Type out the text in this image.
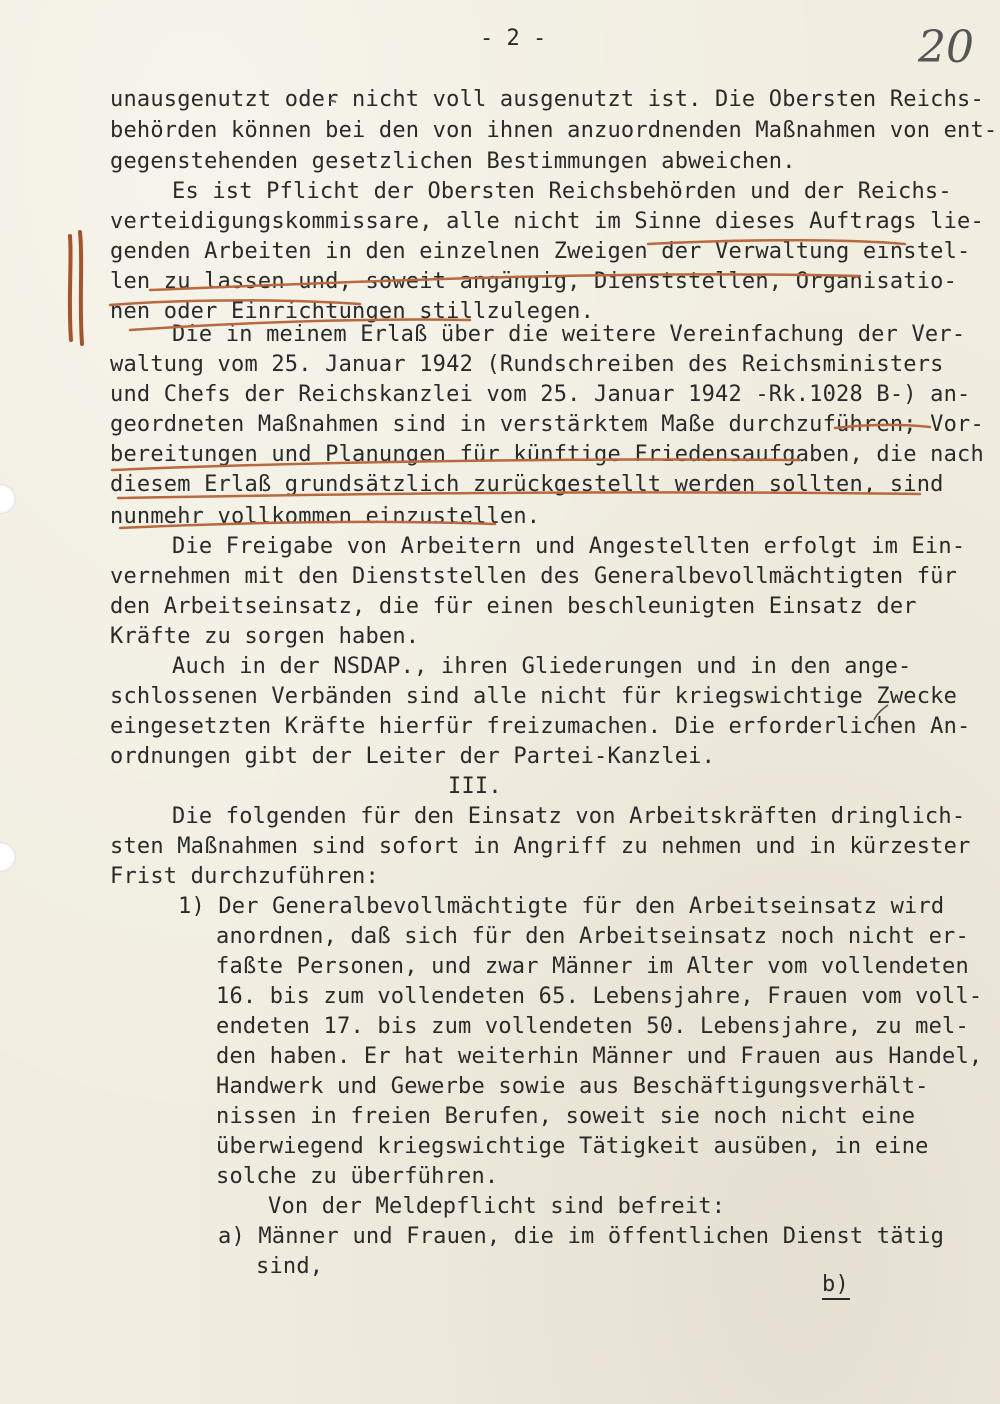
- 2 -	20

unausgenutzt oder nicht voll ausgenutzt ist. Die Obersten Reichs-

behörden können bei den von ihnen anzuordnenden Maßnahmen von ent-

gegenstehenden gesetzlichen Bestimmungen abweichen.

Es ist Pflicht der Obersten Reichsbehörden und der Reichs-

verteidigungskommissare, alle nicht im Sinne dieses Auftrags lie-

genden Arbeiten in den einzelnen Zweigen der Verwaltung einstel-

len zu lassen und, soweit angängig, Dienststellen, Organisatio-

nen oder Einrichtungen stillzulegen.

Die in meinem Erlaß über die weitere Vereinfachung der Ver-

waltung vom 25. Januar 1942 (Rundschreiben des Reichsministers

und Chefs der Reichskanzlei vom 25. Januar 1942 -Rk.1028 B-) an-

geordneten Maßnahmen sind in verstärktem Maße durchzuführen; Vor-

bereitungen und Planungen für künftige Friedensaufgaben, die nach

diesem Erlaß grundsätzlich zurückgestellt werden sollten, sind

nunmehr vollkommen einzustellen.

Die Freigabe von Arbeitern und Angestellten erfolgt im Ein-

vernehmen mit den Dienststellen des Generalbevollmächtigten für

den Arbeitseinsatz, die für einen beschleunigten Einsatz der

Kräfte zu sorgen haben.

Auch in der NSDAP., ihren Gliederungen und in den ange-

schlossenen Verbänden sind alle nicht für kriegswichtige Zwecke

eingesetzten Kräfte hierfür freizumachen. Die erforderlichen An-

ordnungen gibt der Leiter der Partei-Kanzlei.

III.

Die folgenden für den Einsatz von Arbeitskräften dringlich-

sten Maßnahmen sind sofort in Angriff zu nehmen und in kürzester

Frist durchzuführen:

1) Der Generalbevollmächtigte für den Arbeitseinsatz wird

anordnen, daß sich für den Arbeitseinsatz noch nicht er-

faßte Personen, und zwar Männer im Alter vom vollendeten

16. bis zum vollendeten 65. Lebensjahre, Frauen vom voll-

endeten 17. bis zum vollendeten 50. Lebensjahre, zu mel-

den haben. Er hat weiterhin Männer und Frauen aus Handel,

Handwerk und Gewerbe sowie aus Beschäftigungsverhält-

nissen in freien Berufen, soweit sie noch nicht eine

überwiegend kriegswichtige Tätigkeit ausüben, in eine

solche zu überführen.

Von der Meldepflicht sind befreit:

a) Männer und Frauen, die im öffentlichen Dienst tätig

sind,

b)
